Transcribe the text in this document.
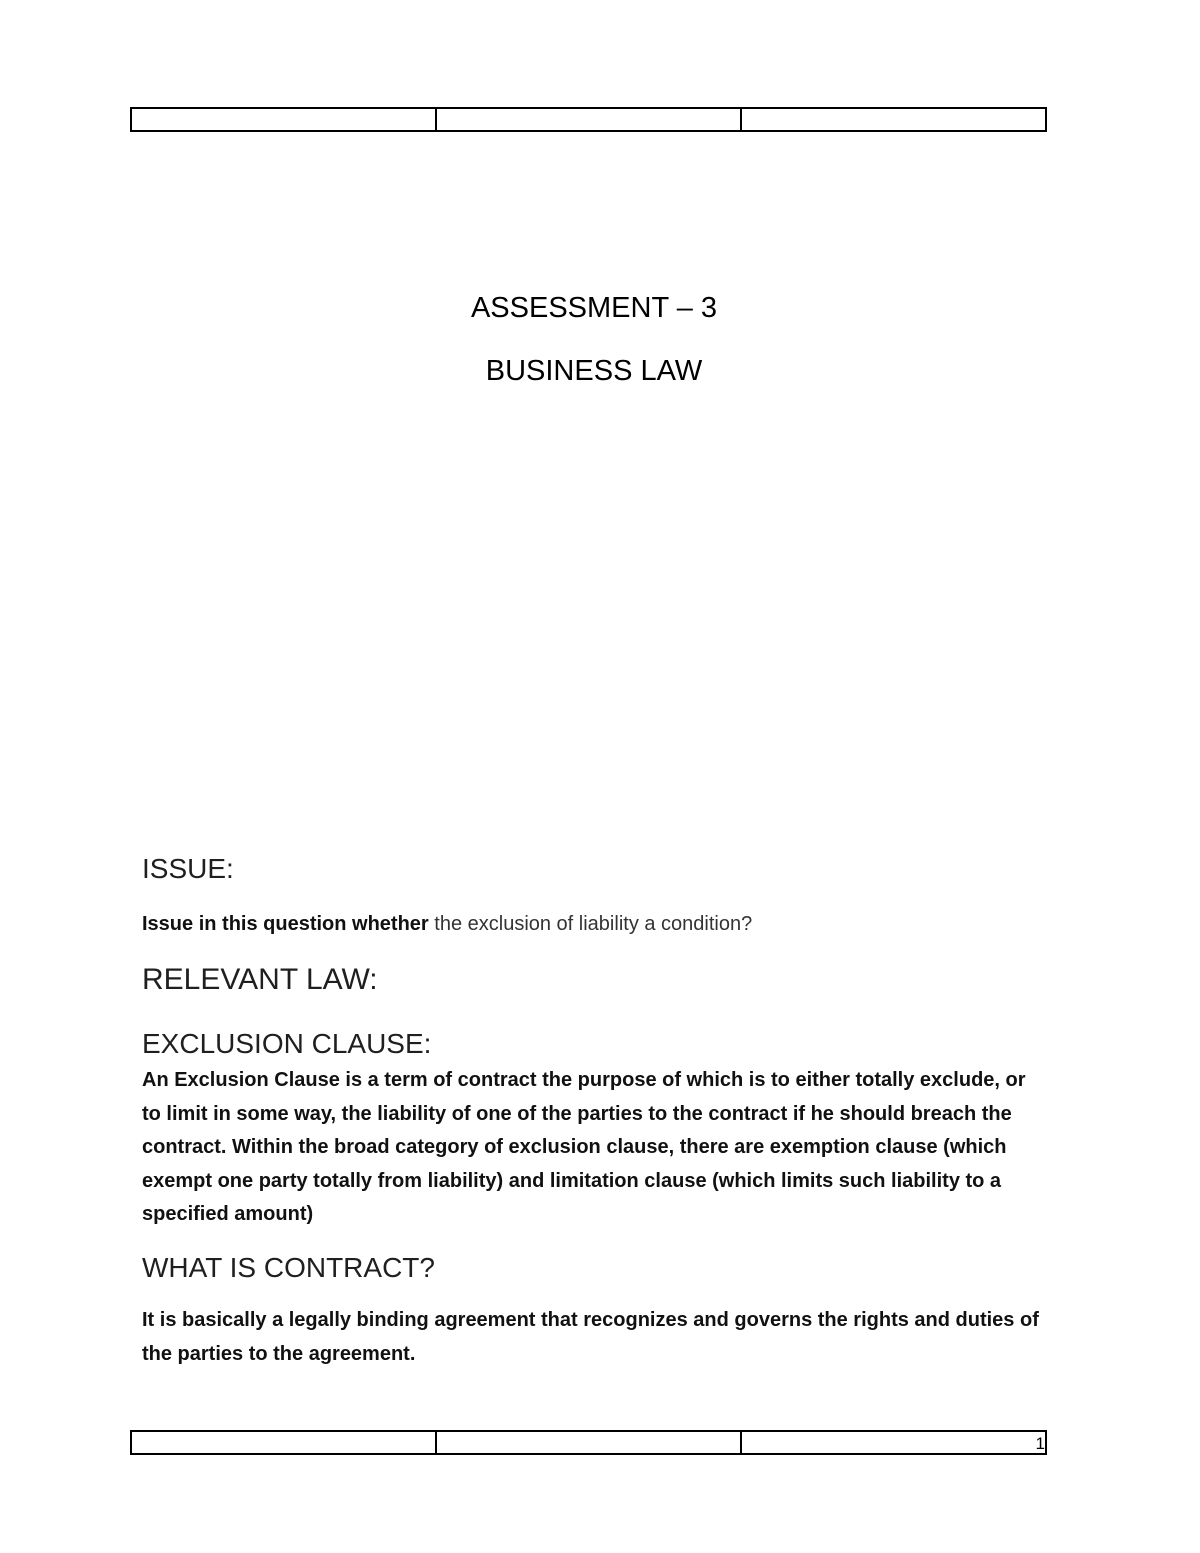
ASSESSMENT – 3
BUSINESS LAW
ISSUE:
Issue in this question whether the exclusion of liability a condition?
RELEVANT LAW:
EXCLUSION CLAUSE:
An Exclusion Clause is a term of contract the purpose of which is to either totally exclude, or to limit in some way, the liability of one of the parties to the contract if he should breach the contract. Within the broad category of exclusion clause, there are exemption clause (which exempt one party totally from liability) and limitation clause (which limits such liability to a specified amount)
WHAT IS CONTRACT?
It is basically a legally binding agreement that recognizes and governs the rights and duties of the parties to the agreement.
1
